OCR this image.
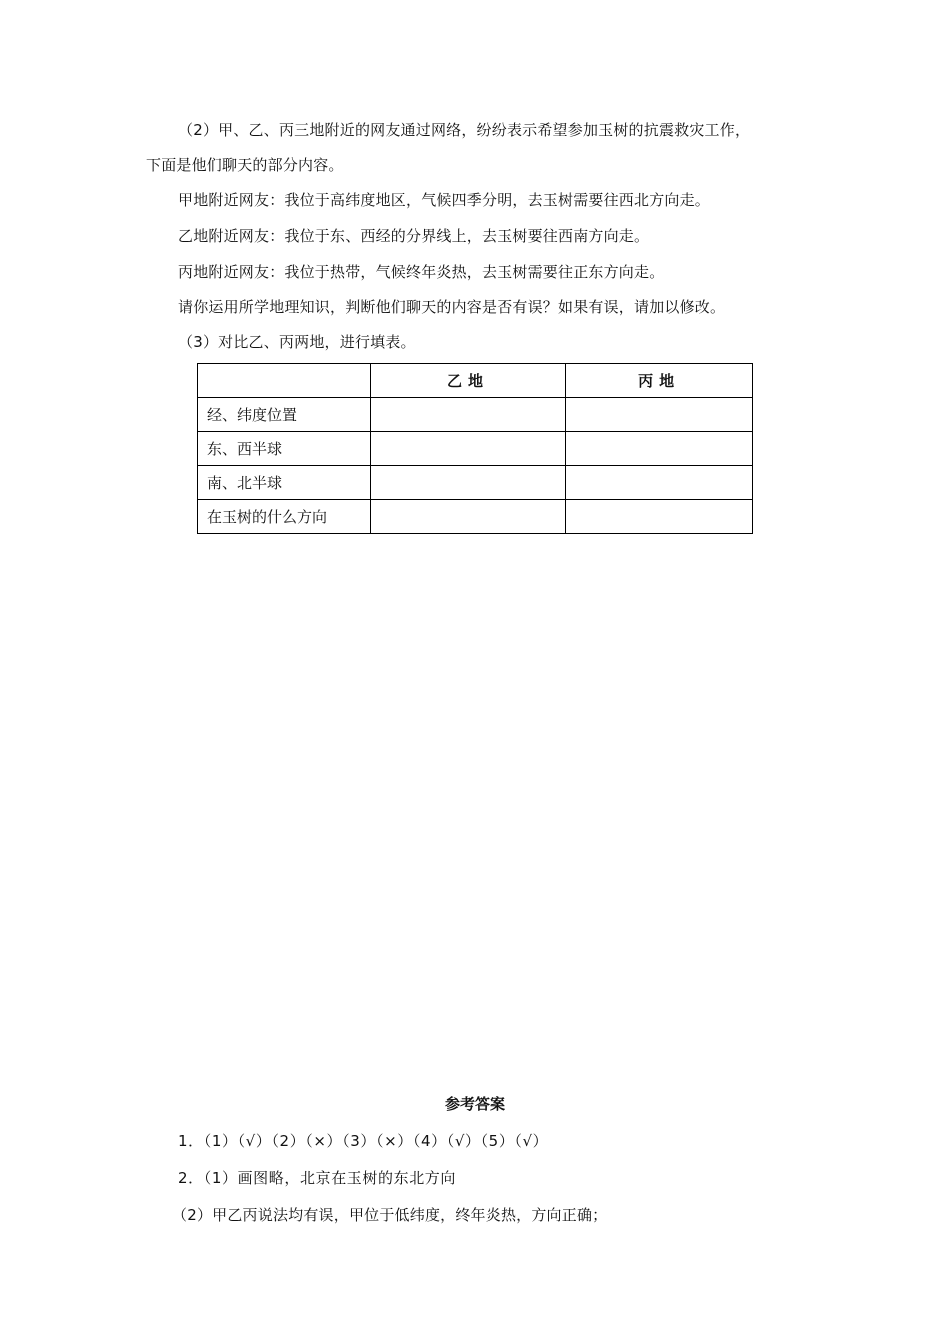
（2）甲、乙、丙三地附近的网友通过网络，纷纷表示希望参加玉树的抗震救灾工作，
下面是他们聊天的部分内容。
甲地附近网友：我位于高纬度地区，气候四季分明，去玉树需要往西北方向走。
乙地附近网友：我位于东、西经的分界线上，去玉树要往西南方向走。
丙地附近网友：我位于热带，气候终年炎热，去玉树需要往正东方向走。
请你运用所学地理知识，判断他们聊天的内容是否有误？如果有误，请加以修改。
（3）对比乙、丙两地，进行填表。
	乙地	丙地
经、纬度位置		
东、西半球		
南、北半球		
在玉树的什么方向		
参考答案
1．（1）（√）（2）（×）（3）（×）（4）（√）（5）（√）
2．（1）画图略，北京在玉树的东北方向
（2）甲乙丙说法均有误，甲位于低纬度，终年炎热，方向正确；
